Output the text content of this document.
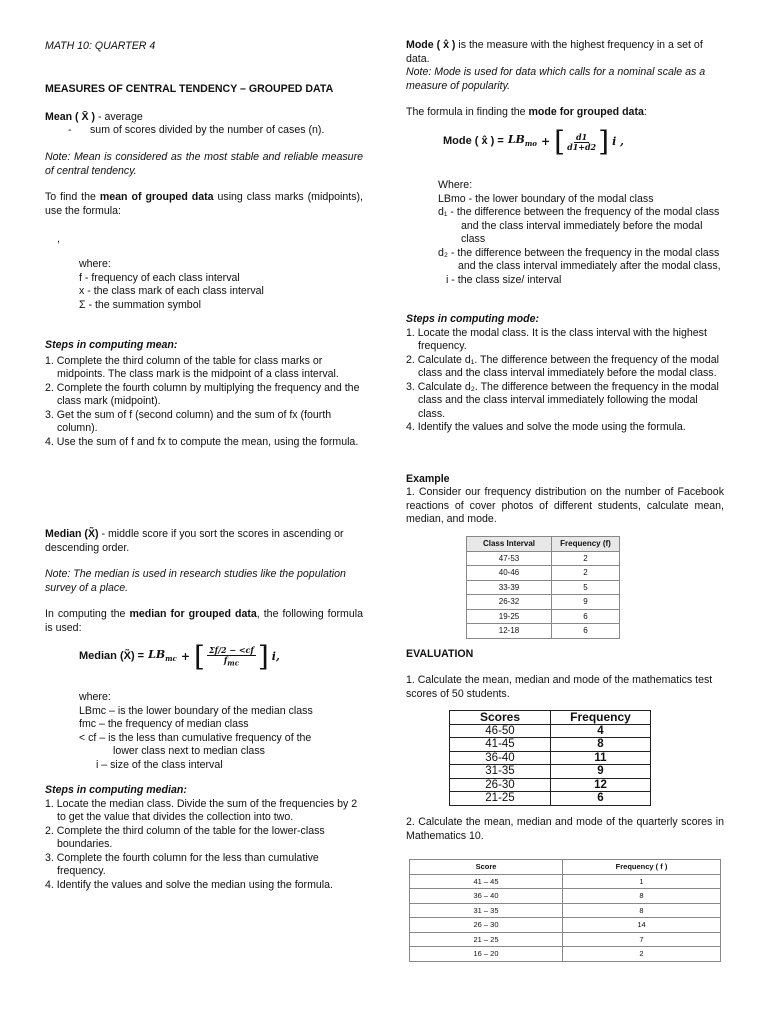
MATH 10: QUARTER 4
MEASURES OF CENTRAL TENDENCY – GROUPED DATA
Mean ( X̄ ) - average
- sum of scores divided by the number of cases (n).
Note: Mean is considered as the most stable and reliable measure of central tendency.
To find the mean of grouped data using class marks (midpoints), use the formula:
,
where:
f - frequency of each class interval
x - the class mark of each class interval
Σ - the summation symbol
Steps in computing mean:
1. Complete the third column of the table for class marks or midpoints. The class mark is the midpoint of a class interval.
2. Complete the fourth column by multiplying the frequency and the class mark (midpoint).
3. Get the sum of f (second column) and the sum of fx (fourth column).
4. Use the sum of f and fx to compute the mean, using the formula.
Median (X̃) - middle score if you sort the scores in ascending or descending order.
Note: The median is used in research studies like the population survey of a place.
In computing the median for grouped data, the following formula is used:
Median (X̃) = $LB_{mc}$ + [ $\frac{\Sigma f/2 - <cf}{f_{mc}}$ ] i,
where:
LBmc – is the lower boundary of the median class
fmc – the frequency of median class
< cf – is the less than cumulative frequency of the
lower class next to median class
i – size of the class interval
Steps in computing median:
1. Locate the median class. Divide the sum of the frequencies by 2 to get the value that divides the collection into two.
2. Complete the third column of the table for the lower-class boundaries.
3. Complete the fourth column for the less than cumulative frequency.
4. Identify the values and solve the median using the formula.
Mode ( x̂ ) is the measure with the highest frequency in a set of data.
Note: Mode is used for data which calls for a nominal scale as a measure of popularity.
The formula in finding the mode for grouped data:
Mode ( x̂ ) = $LB_{mo}$ + [ $\frac{d1}{d1+d2}$ ] i ,
Where:
LBmo - the lower boundary of the modal class
d₁ - the difference between the frequency of the modal class and the class interval immediately before the modal class
d₂ - the difference between the frequency in the modal class and the class interval immediately after the modal class,
i - the class size/ interval
Steps in computing mode:
1. Locate the modal class. It is the class interval with the highest frequency.
2. Calculate d₁. The difference between the frequency of the modal class and the class interval immediately before the modal class.
3. Calculate d₂. The difference between the frequency in the modal class and the class interval immediately following the modal class.
4. Identify the values and solve the mode using the formula.
Example
1. Consider our frequency distribution on the number of Facebook reactions of cover photos of different students, calculate mean, median, and mode.
Class Interval	Frequency (f)
47-53	2
40-46	2
33-39	5
26-32	9
19-25	6
12-18	6
EVALUATION
1. Calculate the mean, median and mode of the mathematics test scores of 50 students.
Scores	Frequency
46-50	4
41-45	8
36-40	11
31-35	9
26-30	12
21-25	6
2. Calculate the mean, median and mode of the quarterly scores in Mathematics 10.
Score	Frequency ( f )
41 – 45	1
36 – 40	8
31 – 35	8
26 – 30	14
21 – 25	7
16 – 20	2
